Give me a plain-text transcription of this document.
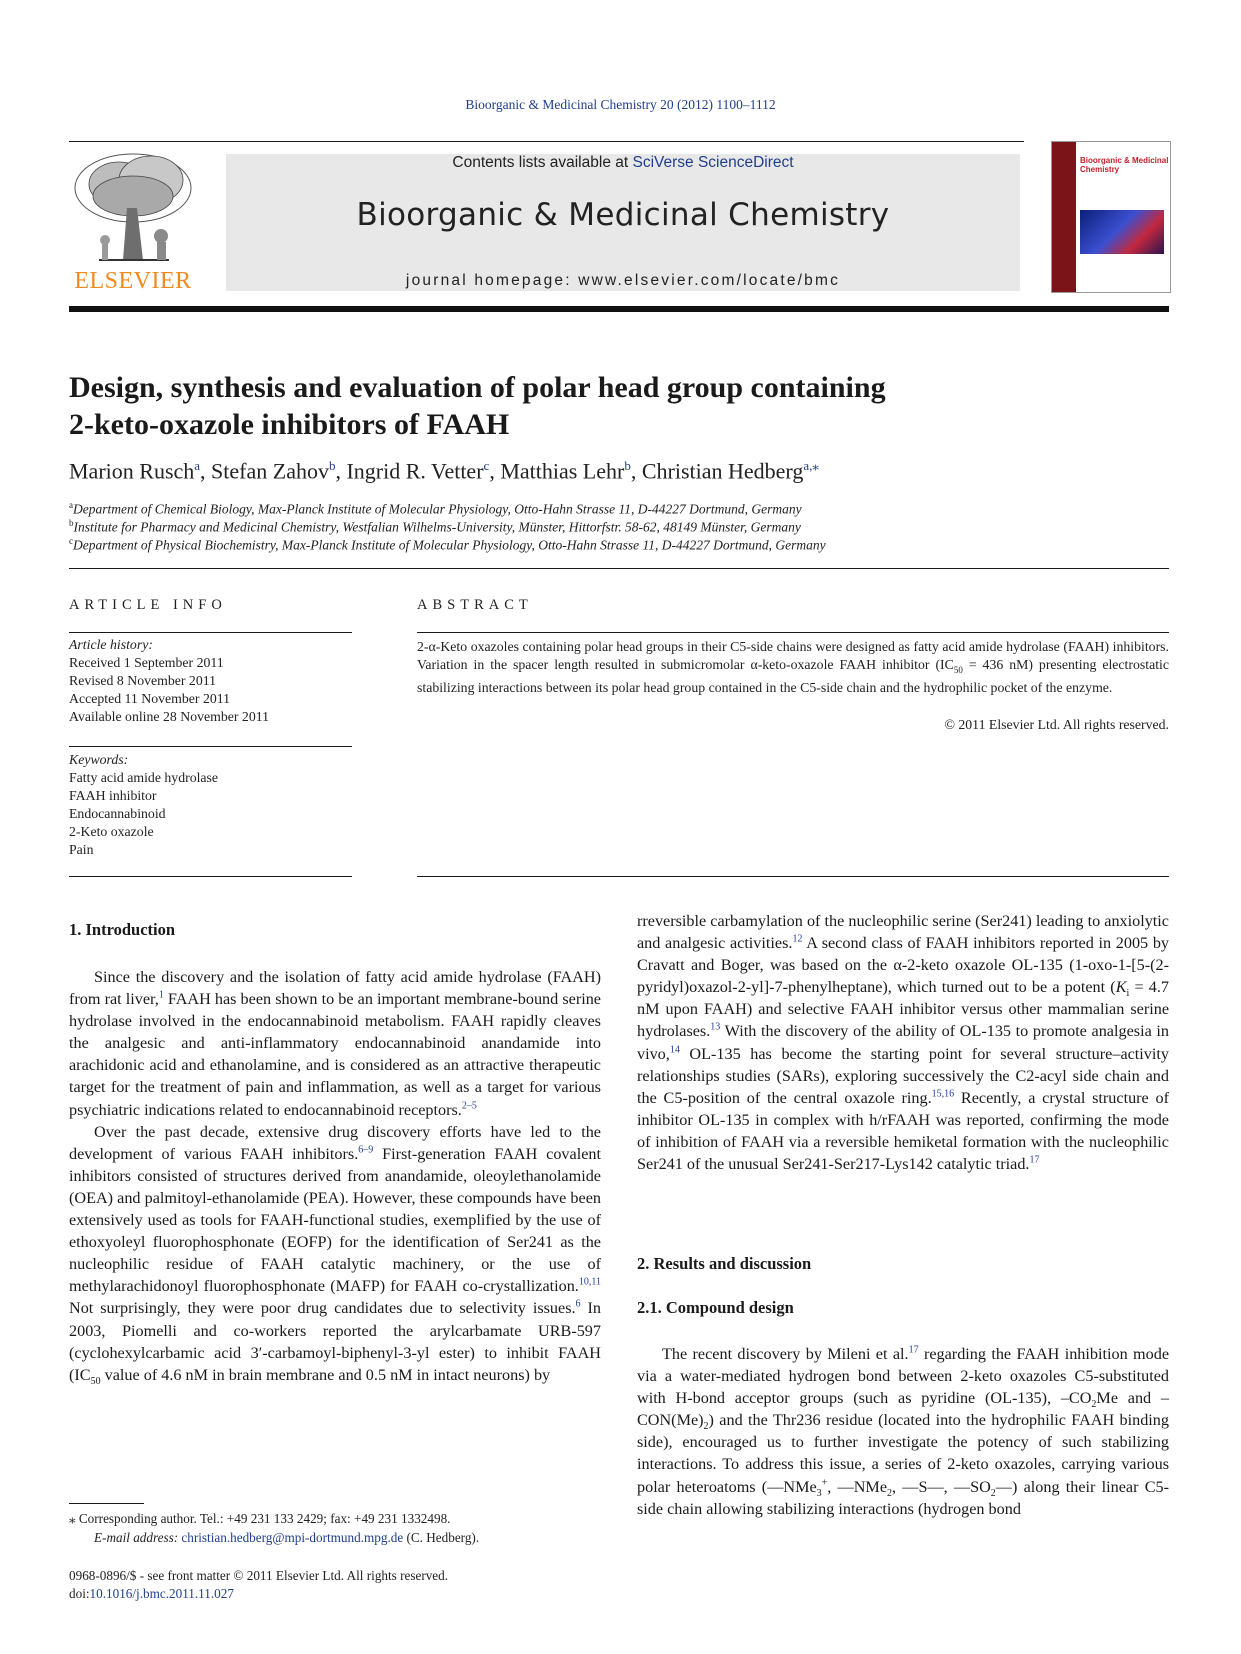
Bioorganic & Medicinal Chemistry 20 (2012) 1100–1112
ELSEVIER
Contents lists available at SciVerse ScienceDirect
Bioorganic & Medicinal Chemistry
journal homepage: www.elsevier.com/locate/bmc
Bioorganic & Medicinal Chemistry
Design, synthesis and evaluation of polar head group containing
2-keto-oxazole inhibitors of FAAH
Marion Rusch$^a$, Stefan Zahov$^b$, Ingrid R. Vetter$^c$, Matthias Lehr$^b$, Christian Hedberg$^{a,⁎}$
$^a$Department of Chemical Biology, Max-Planck Institute of Molecular Physiology, Otto-Hahn Strasse 11, D-44227 Dortmund, Germany
$^b$Institute for Pharmacy and Medicinal Chemistry, Westfalian Wilhelms-University, Münster, Hittorfstr. 58-62, 48149 Münster, Germany
$^c$Department of Physical Biochemistry, Max-Planck Institute of Molecular Physiology, Otto-Hahn Strasse 11, D-44227 Dortmund, Germany
ARTICLE INFO
Article history:
Received 1 September 2011
Revised 8 November 2011
Accepted 11 November 2011
Available online 28 November 2011
Keywords:
Fatty acid amide hydrolase
FAAH inhibitor
Endocannabinoid
2-Keto oxazole
Pain
ABSTRACT
2-α-Keto oxazoles containing polar head groups in their C5-side chains were designed as fatty acid amide hydrolase (FAAH) inhibitors. Variation in the spacer length resulted in submicromolar α-keto-oxazole FAAH inhibitor ($IC_{50} = 436$ nM) presenting electrostatic stabilizing interactions between its polar head group contained in the C5-side chain and the hydrophilic pocket of the enzyme.
© 2011 Elsevier Ltd. All rights reserved.
1. Introduction

Since the discovery and the isolation of fatty acid amide hydrolase (FAAH) from rat liver,$^1$ FAAH has been shown to be an important membrane-bound serine hydrolase involved in the endocannabinoid metabolism. FAAH rapidly cleaves the analgesic and anti-inflammatory endocannabinoid anandamide into arachidonic acid and ethanolamine, and is considered as an attractive therapeutic target for the treatment of pain and inflammation, as well as a target for various psychiatric indications related to endocannabinoid receptors.$^{2-5}$

Over the past decade, extensive drug discovery efforts have led to the development of various FAAH inhibitors.$^{6-9}$ First-generation FAAH covalent inhibitors consisted of structures derived from anandamide, oleoylethanolamide (OEA) and palmitoyl-ethanolamide (PEA). However, these compounds have been extensively used as tools for FAAH-functional studies, exemplified by the use of ethoxyoleyl fluorophosphonate (EOFP) for the identification of Ser241 as the nucleophilic residue of FAAH catalytic machinery, or the use of methylarachidonoyl fluorophosphonate (MAFP) for FAAH co-crystallization.$^{10,11}$ Not surprisingly, they were poor drug candidates due to selectivity issues.$^6$ In 2003, Piomelli and co-workers reported the arylcarbamate URB-597 (cyclohexylcarbamic acid 3′-carbamoyl-biphenyl-3-yl ester) to inhibit FAAH ($IC_{50}$ value of 4.6 nM in brain membrane and 0.5 nM in intact neurons) by

⁎ Corresponding author. Tel.: +49 231 133 2429; fax: +49 231 1332498.
E-mail address: christian.hedberg@mpi-dortmund.mpg.de (C. Hedberg).
0968-0896/$ - see front matter © 2011 Elsevier Ltd. All rights reserved.
doi:10.1016/j.bmc.2011.11.027

rreversible carbamylation of the nucleophilic serine (Ser241) leading to anxiolytic and analgesic activities.$^{12}$ A second class of FAAH inhibitors reported in 2005 by Cravatt and Boger, was based on the α-2-keto oxazole OL-135 (1-oxo-1-[5-(2-pyridyl)oxazol-2-yl]-7-phenylheptane), which turned out to be a potent ($K_i = 4.7$ nM upon FAAH) and selective FAAH inhibitor versus other mammalian serine hydrolases.$^{13}$ With the discovery of the ability of OL-135 to promote analgesia in vivo,$^{14}$ OL-135 has become the starting point for several structure–activity relationships studies (SARs), exploring successively the C2-acyl side chain and the C5-position of the central oxazole ring.$^{15,16}$ Recently, a crystal structure of inhibitor OL-135 in complex with h/rFAAH was reported, confirming the mode of inhibition of FAAH via a reversible hemiketal formation with the nucleophilic Ser241 of the unusual Ser241-Ser217-Lys142 catalytic triad.$^{17}$

2. Results and discussion
2.1. Compound design

The recent discovery by Mileni et al.$^{17}$ regarding the FAAH inhibition mode via a water-mediated hydrogen bond between 2-keto oxazoles C5-substituted with H-bond acceptor groups (such as pyridine (OL-135), $-CO_2Me$ and $-CON(Me)_2$) and the Thr236 residue (located into the hydrophilic FAAH binding side), encouraged us to further investigate the potency of such stabilizing interactions. To address this issue, a series of 2-keto oxazoles, carrying various polar heteroatoms (—NMe$_3$+, —NMe$_2$, —S—, $—SO_2—$) along their linear C5-side chain allowing stabilizing interactions (hydrogen bond
